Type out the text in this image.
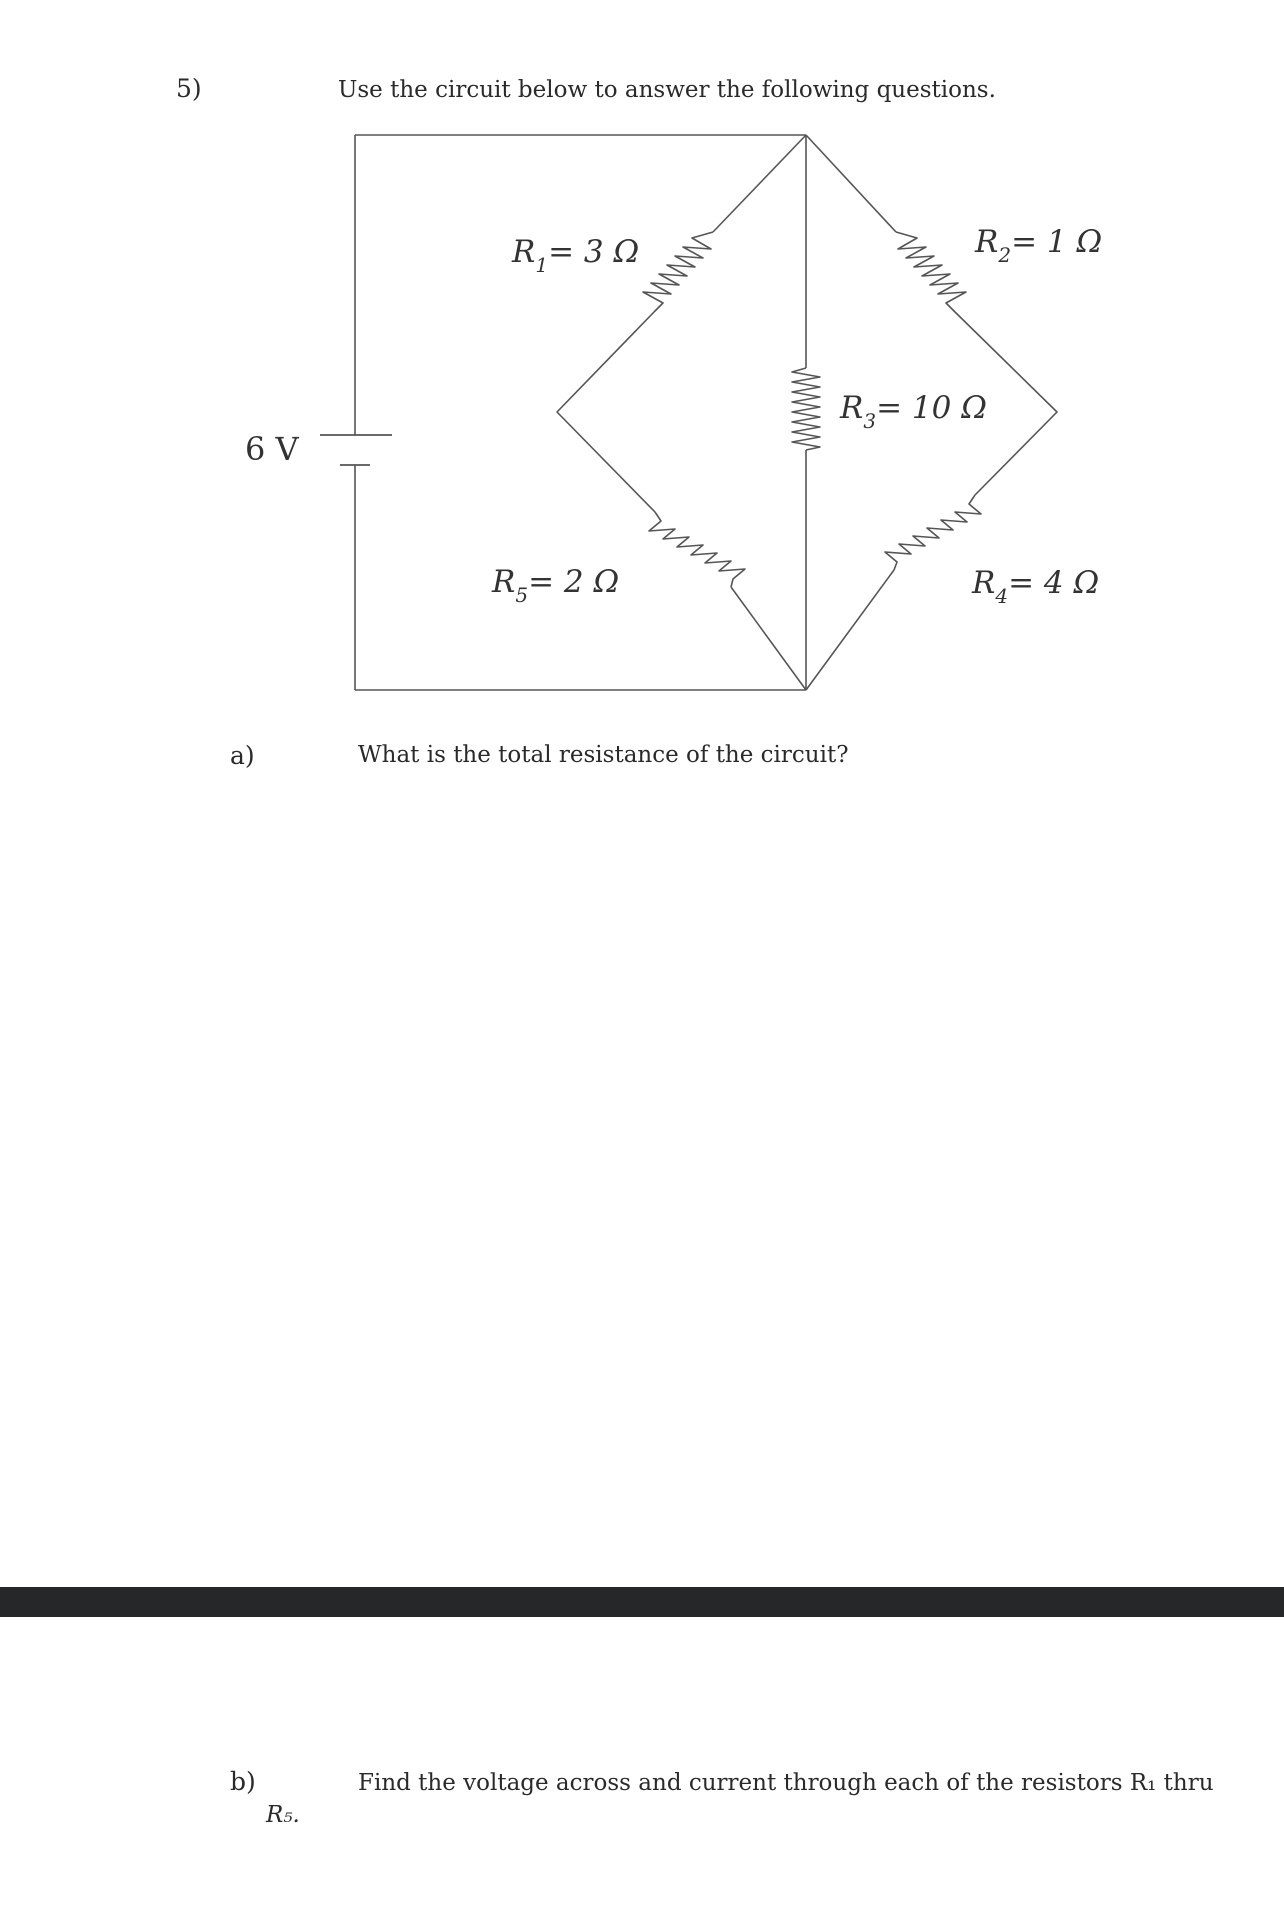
5)	Use the circuit below to answer the following questions.
6 V
$R_1= 3$ Ω	$R_2= 1$ Ω
$R_3= 10$ Ω
$R_4= 4$ Ω
$R_5= 2$ Ω
a)	What is the total resistance of the circuit?
b)	Find the voltage across and current through each of the resistors R₁ thru
R₅.
